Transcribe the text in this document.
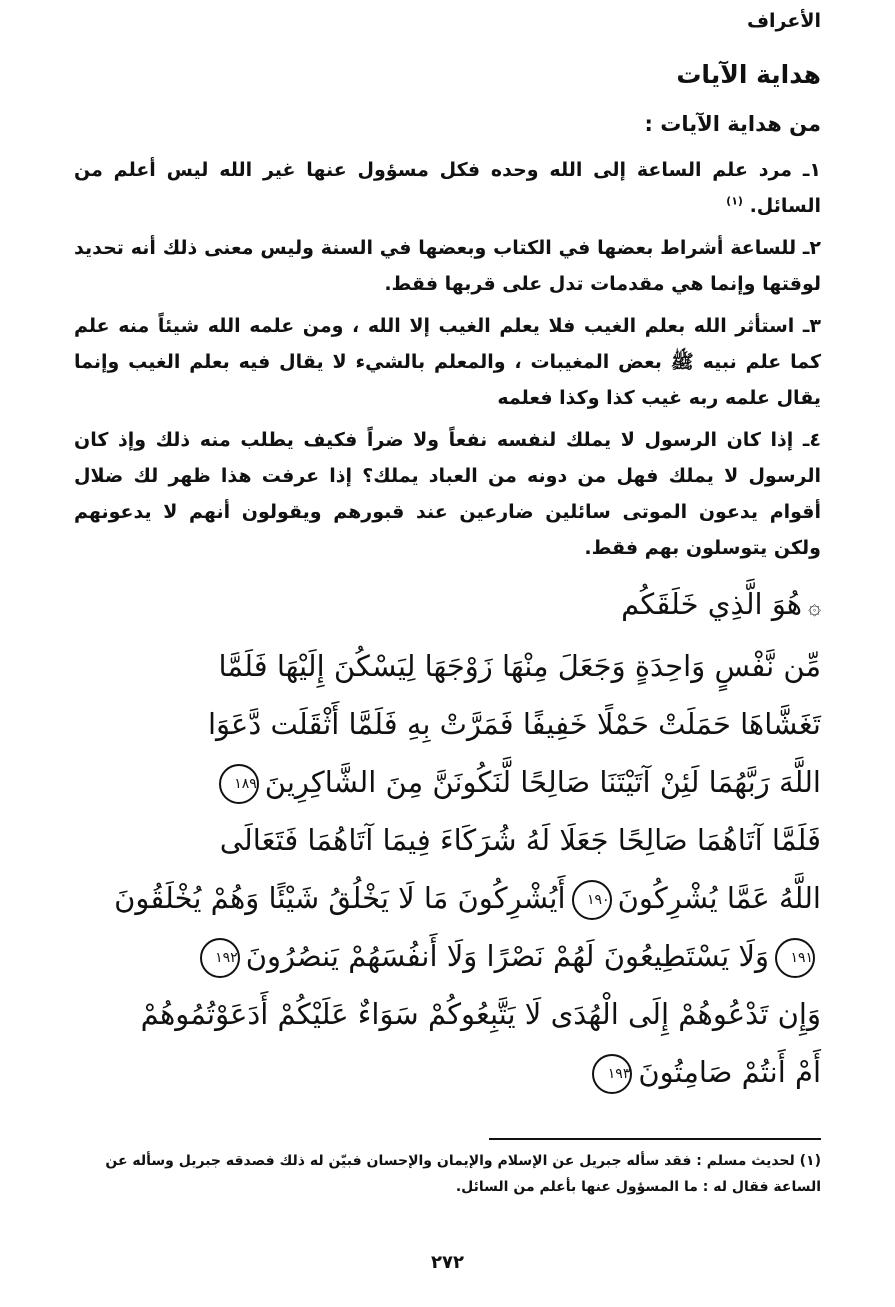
الأعراف
هداية الآيات
من هداية الآيات :
١ـ مرد علم الساعة إلى الله وحده فكل مسؤول عنها غير الله ليس أعلم من السائل. $^{(١)}$
٢ـ للساعة أشراط بعضها في الكتاب وبعضها في السنة وليس معنى ذلك أنه تحديد لوقتها وإنما هي مقدمات تدل على قربها فقط.
٣ـ استأثر الله بعلم الغيب فلا يعلم الغيب إلا الله ، ومن علمه الله شيئاً منه علم كما علم نبيه ﷺ بعض المغيبات ، والمعلم بالشيء لا يقال فيه بعلم الغيب وإنما يقال علمه ربه غيب كذا وكذا فعلمه
٤ـ إذا كان الرسول لا يملك لنفسه نفعاً ولا ضراً فكيف يطلب منه ذلك وإذ كان الرسول لا يملك فهل من دونه من العباد يملك؟ إذا عرفت هذا ظهر لك ضلال أقوام يدعون الموتى سائلين ضارعين عند قبورهم ويقولون أنهم لا يدعونهم ولكن يتوسلون بهم فقط.
۞هُوَ الَّذِي خَلَقَكُم
مِّن نَّفْسٍ وَاحِدَةٍ وَجَعَلَ مِنْهَا زَوْجَهَا لِيَسْكُنَ إِلَيْهَا فَلَمَّا
تَغَشَّاهَا حَمَلَتْ حَمْلًا خَفِيفًا فَمَرَّتْ بِهِ فَلَمَّا أَثْقَلَت دَّعَوَا
اللَّهَ رَبَّهُمَا لَئِنْ آتَيْتَنَا صَالِحًا لَّنَكُونَنَّ مِنَ الشَّاكِرِينَ١٨٩
فَلَمَّا آتَاهُمَا صَالِحًا جَعَلَا لَهُ شُرَكَاءَ فِيمَا آتَاهُمَا فَتَعَالَى
اللَّهُ عَمَّا يُشْرِكُونَ١٩٠أَيُشْرِكُونَ مَا لَا يَخْلُقُ شَيْئًا وَهُمْ يُخْلَقُونَ
١٩١وَلَا يَسْتَطِيعُونَ لَهُمْ نَصْرًا وَلَا أَنفُسَهُمْ يَنصُرُونَ١٩٢
وَإِن تَدْعُوهُمْ إِلَى الْهُدَى لَا يَتَّبِعُوكُمْ سَوَاءٌ عَلَيْكُمْ أَدَعَوْتُمُوهُمْ
أَمْ أَنتُمْ صَامِتُونَ١٩٣
(١) لحديث مسلم : فقد سأله جبريل عن الإسلام والإيمان والإحسان فبيّن له ذلك فصدقه جبريل وسأله عن الساعة فقال له : ما المسؤول عنها بأعلم من السائل.
٢٧٢
